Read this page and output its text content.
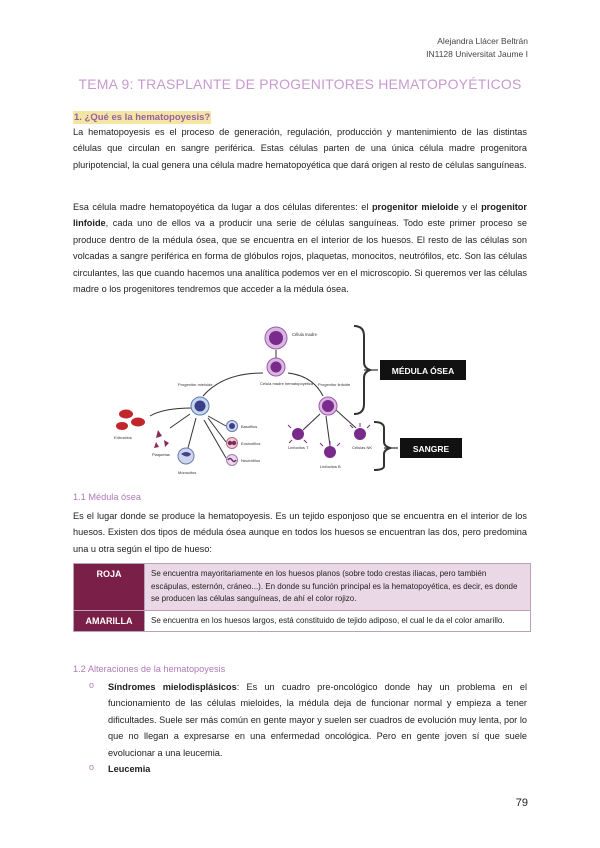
Alejandra Llácer Beltrán
IN1128 Universitat Jaume I
TEMA 9: TRASPLANTE DE PROGENITORES HEMATOPOYÉTICOS
1. ¿Qué es la hematopoyesis?
La hematopoyesis es el proceso de generación, regulación, producción y mantenimiento de las distintas células que circulan en sangre periférica. Estas células parten de una única célula madre progenitora pluripotencial, la cual genera una célula madre hematopoyética que dará origen al resto de células sanguíneas.
Esa célula madre hematopoyética da lugar a dos células diferentes: el progenitor mieloide y el progenitor linfoide, cada uno de ellos va a producir una serie de células sanguíneas. Todo este primer proceso se produce dentro de la médula ósea, que se encuentra en el interior de los huesos. El resto de las células son volcadas a sangre periférica en forma de glóbulos rojos, plaquetas, monocitos, neutrófilos, etc. Son las células circulantes, las que cuando hacemos una analítica podemos ver en el microscopio. Si queremos ver las células madre o los progenitores tendremos que acceder a la médula ósea.
Célula madre
Célula madre hematopoyética
Progenitor mieloide	Progenitor linfoide
Eritrocitos
Plaquetas
Monocitos
Basófilos
Eosinófilos
Neutrófilos
Linfocitos T
Linfocitos B
Células NK
MÉDULA ÓSEA
SANGRE
1.1 Médula ósea
Es el lugar donde se produce la hematopoyesis. Es un tejido esponjoso que se encuentra en el interior de los huesos. Existen dos tipos de médula ósea aunque en todos los huesos se encuentran las dos, pero predomina una u otra según el tipo de hueso:
ROJA	Se encuentra mayoritariamente en los huesos planos (sobre todo crestas iliacas, pero también escápulas, esternón, cráneo...). En donde su función principal es la hematopoyética, es decir, es donde se producen las células sanguíneas, de ahí el color rojizo.
AMARILLA	Se encuentra en los huesos largos, está constituido de tejido adiposo, el cual le da el color amarillo.
1.2 Alteraciones de la hematopoyesis
o Síndromes mielodisplásicos: Es un cuadro pre-oncológico donde hay un problema en el funcionamiento de las células mieloides, la médula deja de funcionar normal y empieza a tener dificultades. Suele ser más común en gente mayor y suelen ser cuadros de evolución muy lenta, por lo que no llegan a expresarse en una enfermedad oncológica. Pero en gente joven sí que suele evolucionar a una leucemia.
o Leucemia
79
